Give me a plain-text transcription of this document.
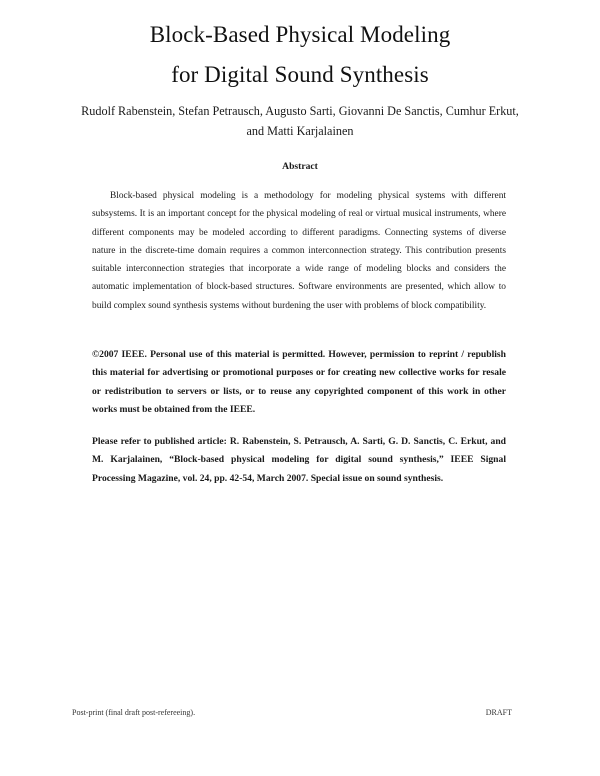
Block-Based Physical Modeling
for Digital Sound Synthesis
Rudolf Rabenstein, Stefan Petrausch, Augusto Sarti, Giovanni De Sanctis, Cumhur Erkut,
and Matti Karjalainen
Abstract

Block-based physical modeling is a methodology for modeling physical systems with different subsystems. It is an important concept for the physical modeling of real or virtual musical instruments, where different components may be modeled according to different paradigms. Connecting systems of diverse nature in the discrete-time domain requires a common interconnection strategy. This contribution presents suitable interconnection strategies that incorporate a wide range of modeling blocks and considers the automatic implementation of block-based structures. Software environments are presented, which allow to build complex sound synthesis systems without burdening the user with problems of block compatibility.

©2007 IEEE. Personal use of this material is permitted. However, permission to reprint / republish this material for advertising or promotional purposes or for creating new collective works for resale or redistribution to servers or lists, or to reuse any copyrighted component of this work in other works must be obtained from the IEEE.

Please refer to published article: R. Rabenstein, S. Petrausch, A. Sarti, G. D. Sanctis, C. Erkut, and M. Karjalainen, “Block-based physical modeling for digital sound synthesis,” IEEE Signal Processing Magazine, vol. 24, pp. 42-54, March 2007. Special issue on sound synthesis.

Post-print (final draft post-refereeing).	DRAFT
